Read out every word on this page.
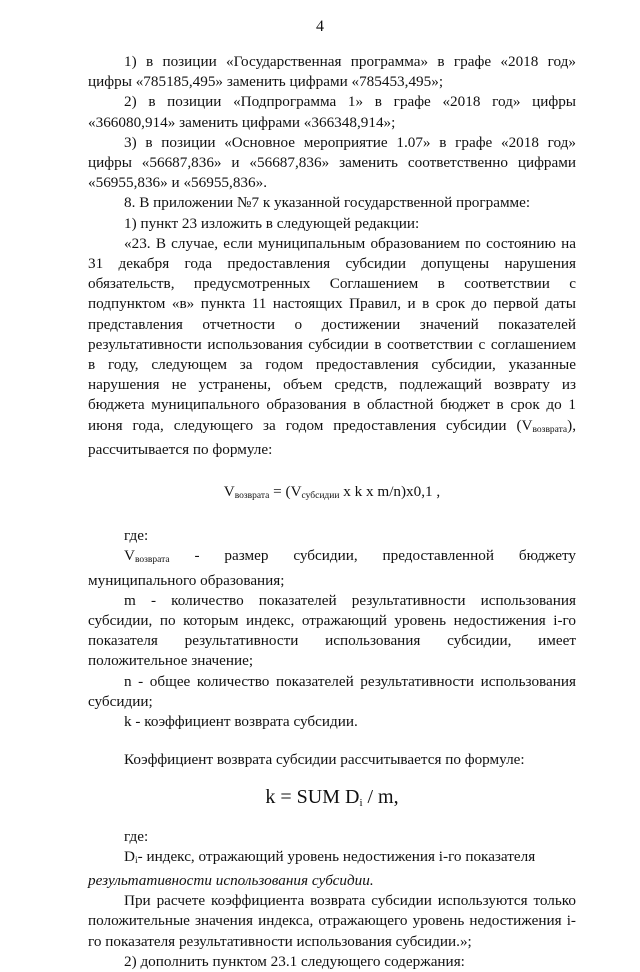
4

1) в позиции «Государственная программа» в графе «2018 год» цифры «785185,495» заменить цифрами «785453,495»;

2) в позиции «Подпрограмма 1» в графе «2018 год» цифры «366080,914» заменить цифрами «366348,914»;

3) в позиции «Основное мероприятие 1.07» в графе «2018 год» цифры «56687,836» и «56687,836» заменить соответственно цифрами «56955,836» и «56955,836».

8. В приложении №7 к указанной государственной программе:

1) пункт 23 изложить в следующей редакции:

«23. В случае, если муниципальным образованием по состоянию на 31 декабря года предоставления субсидии допущены нарушения обязательств, предусмотренных Соглашением в соответствии с подпунктом «в» пункта 11 настоящих Правил, и в срок до первой даты представления отчетности о достижении значений показателей результативности использования субсидии в соответствии с соглашением в году, следующем за годом предоставления субсидии, указанные нарушения не устранены, объем средств, подлежащий возврату из бюджета муниципального образования в областной бюджет в срок до 1 июня года, следующего за годом предоставления субсидии $(V_{возврата})$, рассчитывается по формуле:

$V_{возврата} = (V_{субсидии}$ x k x m/n)x0,1 ,

где:

$V_{возврата}$ - размер субсидии, предоставленной бюджету муниципального образования;

m - количество показателей результативности использования субсидии, по которым индекс, отражающий уровень недостижения i-го показателя результативности использования субсидии, имеет положительное значение;

n - общее количество показателей результативности использования субсидии;

k - коэффициент возврата субсидии.

Коэффициент возврата субсидии рассчитывается по формуле:

k = SUM $D_i$ / m,

где:

$D_i-$ индекс, отражающий уровень недостижения i-го показателя

результативности использования субсидии.

При расчете коэффициента возврата субсидии используются только положительные значения индекса, отражающего уровень недостижения i-го показателя результативности использования субсидии.»;

2) дополнить пунктом 23.1 следующего содержания:
